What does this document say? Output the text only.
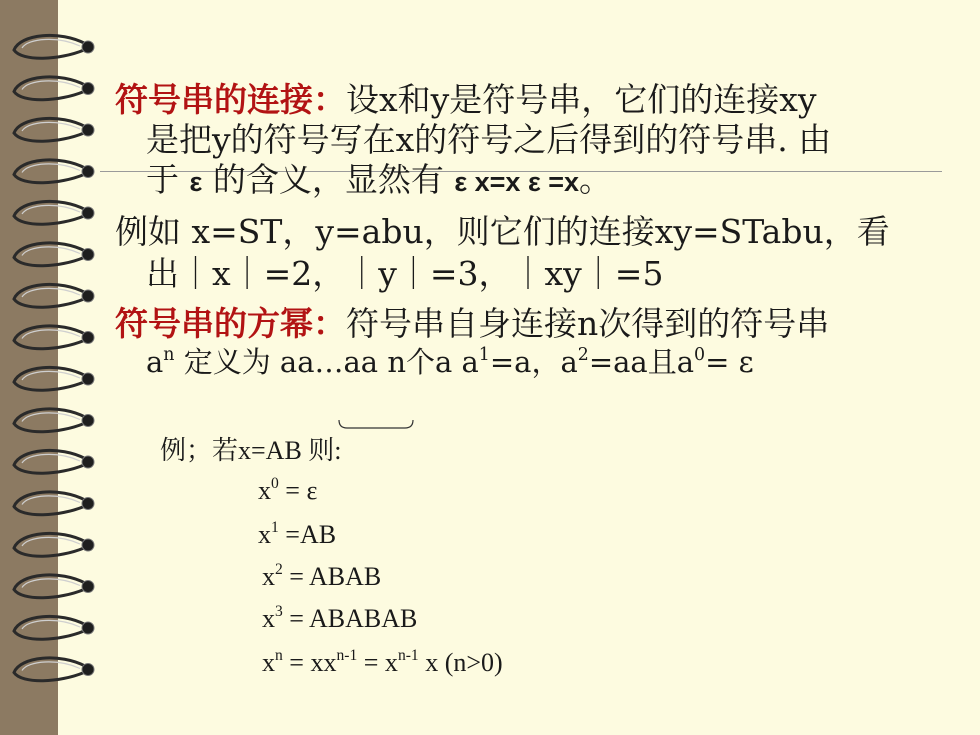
符号串的连接：设x和y是符号串，它们的连接xy
是把y的符号写在x的符号之后得到的符号串. 由
于 ε 的含义，显然有 ε x=x ε =x。
例如 x=ST，y=abu，则它们的连接xy=STabu，看
出｜x｜=2，｜y｜=3，｜xy｜=5
符号串的方幂：符号串自身连接n次得到的符号串
$a^n$ 定义为 aa…aa n个a $a^1=a$，$a^2=aa$且$a^0= \varepsilon$
例；若x=AB 则:
$x^0 = \varepsilon$
$x^1 =AB$
$x^2$ = ABAB
$x^3$ = ABABAB
$x^n = xx^{n-1} = x^{n-1}$ x (n>0)
